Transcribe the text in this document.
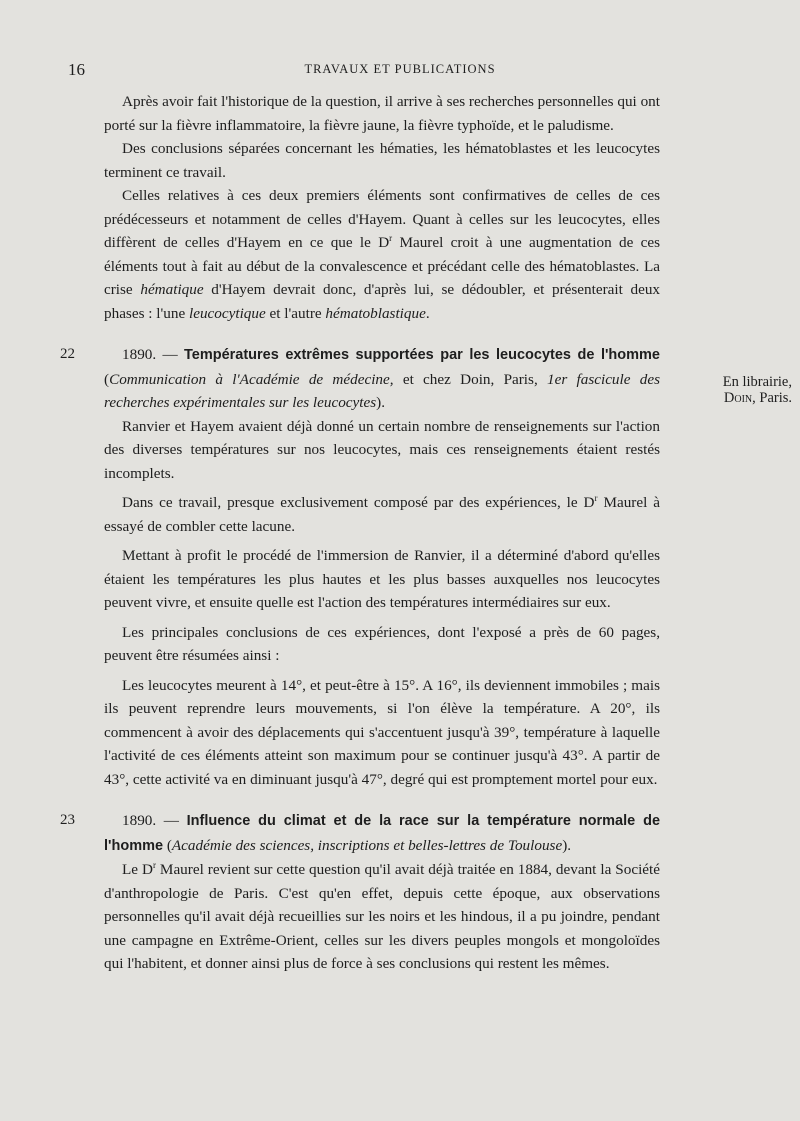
16	TRAVAUX ET PUBLICATIONS
En librairie,
Doin, Paris.

Après avoir fait l'historique de la question, il arrive à ses recherches personnelles qui ont porté sur la fièvre inflammatoire, la fièvre jaune, la fièvre typhoïde, et le paludisme.

Des conclusions séparées concernant les hématies, les hématoblastes et les leucocytes terminent ce travail.

Celles relatives à ces deux premiers éléments sont confirmatives de celles de ces prédécesseurs et notamment de celles d'Hayem. Quant à celles sur les leucocytes, elles diffèrent de celles d'Hayem en ce que le $D^r$ Maurel croit à une augmentation de ces éléments tout à fait au début de la convalescence et précédant celle des hématoblastes. La crise hématique d'Hayem devrait donc, d'après lui, se dédoubler, et présenterait deux phases : l'une leucocytique et l'autre hématoblastique.

22	1890. — Températures extrêmes supportées par les leucocytes de l'homme (Communication à l'Académie de médecine, et chez Doin, Paris, 1er fascicule des recherches expérimentales sur les leucocytes).

Ranvier et Hayem avaient déjà donné un certain nombre de renseignements sur l'action des diverses températures sur nos leucocytes, mais ces renseignements étaient restés incomplets.

Dans ce travail, presque exclusivement composé par des expériences, le $D^r$ Maurel à essayé de combler cette lacune.

Mettant à profit le procédé de l'immersion de Ranvier, il a déterminé d'abord qu'elles étaient les températures les plus hautes et les plus basses auxquelles nos leucocytes peuvent vivre, et ensuite quelle est l'action des températures intermédiaires sur eux.

Les principales conclusions de ces expériences, dont l'exposé a près de 60 pages, peuvent être résumées ainsi :

Les leucocytes meurent à 14°, et peut-être à 15°. A 16°, ils deviennent immobiles ; mais ils peuvent reprendre leurs mouvements, si l'on élève la température. A 20°, ils commencent à avoir des déplacements qui s'accentuent jusqu'à 39°, température à laquelle l'activité de ces éléments atteint son maximum pour se continuer jusqu'à 43°. A partir de 43°, cette activité va en diminuant jusqu'à 47°, degré qui est promptement mortel pour eux.

23	1890. — Influence du climat et de la race sur la température normale de l'homme (Académie des sciences, inscriptions et belles-lettres de Toulouse).

Le $D^r$ Maurel revient sur cette question qu'il avait déjà traitée en 1884, devant la Société d'anthropologie de Paris. C'est qu'en effet, depuis cette époque, aux observations personnelles qu'il avait déjà recueillies sur les noirs et les hindous, il a pu joindre, pendant une campagne en Extrême-Orient, celles sur les divers peuples mongols et mongoloïdes qui l'habitent, et donner ainsi plus de force à ses conclusions qui restent les mêmes.
